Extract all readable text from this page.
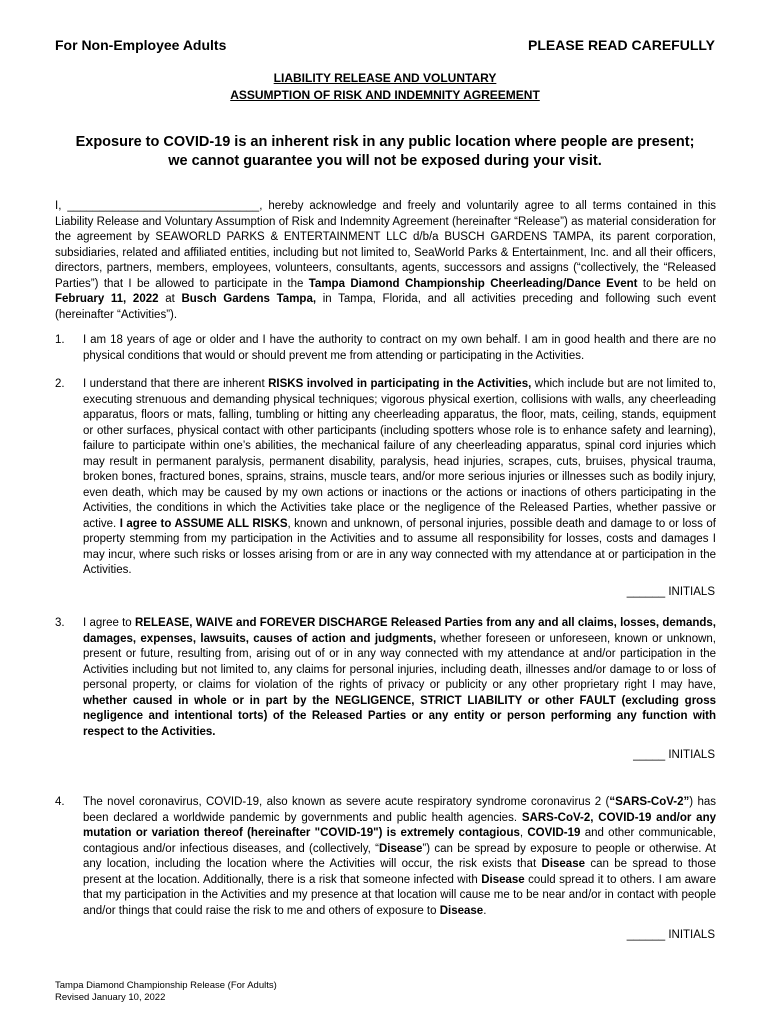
For Non-Employee Adults	PLEASE READ CAREFULLY
LIABILITY RELEASE AND VOLUNTARY
ASSUMPTION OF RISK AND INDEMNITY AGREEMENT
Exposure to COVID-19 is an inherent risk in any public location where people are present;
we cannot guarantee you will not be exposed during your visit.
I, ______________________________, hereby acknowledge and freely and voluntarily agree to all terms contained in this Liability Release and Voluntary Assumption of Risk and Indemnity Agreement (hereinafter “Release”) as material consideration for the agreement by SEAWORLD PARKS & ENTERTAINMENT LLC d/b/a BUSCH GARDENS TAMPA, its parent corporation, subsidiaries, related and affiliated entities, including but not limited to, SeaWorld Parks & Entertainment, Inc. and all their officers, directors, partners, members, employees, volunteers, consultants, agents, successors and assigns (“collectively, the “Released Parties”) that I be allowed to participate in the Tampa Diamond Championship Cheerleading/Dance Event to be held on February 11, 2022 at Busch Gardens Tampa, in Tampa, Florida, and all activities preceding and following such event (hereinafter “Activities”).
1.	I am 18 years of age or older and I have the authority to contract on my own behalf. I am in good health and there are no physical conditions that would or should prevent me from attending or participating in the Activities.
2.	I understand that there are inherent RISKS involved in participating in the Activities, which include but are not limited to, executing strenuous and demanding physical techniques; vigorous physical exertion, collisions with walls, any cheerleading apparatus, floors or mats, falling, tumbling or hitting any cheerleading apparatus, the floor, mats, ceiling, stands, equipment or other surfaces, physical contact with other participants (including spotters whose role is to enhance safety and learning), failure to participate within one’s abilities, the mechanical failure of any cheerleading apparatus, spinal cord injuries which may result in permanent paralysis, permanent disability, paralysis, head injuries, scrapes, cuts, bruises, physical trauma, broken bones, fractured bones, sprains, strains, muscle tears, and/or more serious injuries or illnesses such as bodily injury, even death, which may be caused by my own actions or inactions or the actions or inactions of others participating in the Activities, the conditions in which the Activities take place or the negligence of the Released Parties, whether passive or active. I agree to ASSUME ALL RISKS, known and unknown, of personal injuries, possible death and damage to or loss of property stemming from my participation in the Activities and to assume all responsibility for losses, costs and damages I may incur, where such risks or losses arising from or are in any way connected with my attendance at or participation in the Activities.
______ INITIALS
3.	I agree to RELEASE, WAIVE and FOREVER DISCHARGE Released Parties from any and all claims, losses, demands, damages, expenses, lawsuits, causes of action and judgments, whether foreseen or unforeseen, known or unknown, present or future, resulting from, arising out of or in any way connected with my attendance at and/or participation in the Activities including but not limited to, any claims for personal injuries, including death, illnesses and/or damage to or loss of personal property, or claims for violation of the rights of privacy or publicity or any other proprietary right I may have, whether caused in whole or in part by the NEGLIGENCE, STRICT LIABILITY or other FAULT (excluding gross negligence and intentional torts) of the Released Parties or any entity or person performing any function with respect to the Activities.
_____ INITIALS
4.	The novel coronavirus, COVID-19, also known as severe acute respiratory syndrome coronavirus 2 (“SARS-CoV-2”) has been declared a worldwide pandemic by governments and public health agencies. SARS-CoV-2, COVID-19 and/or any mutation or variation thereof (hereinafter "COVID-19") is extremely contagious, COVID-19 and other communicable, contagious and/or infectious diseases, and (collectively, “Disease”) can be spread by exposure to people or otherwise. At any location, including the location where the Activities will occur, the risk exists that Disease can be spread to those present at the location. Additionally, there is a risk that someone infected with Disease could spread it to others. I am aware that my participation in the Activities and my presence at that location will cause me to be near and/or in contact with people and/or things that could raise the risk to me and others of exposure to Disease.
______ INITIALS
Tampa Diamond Championship Release (For Adults)
Revised January 10, 2022
